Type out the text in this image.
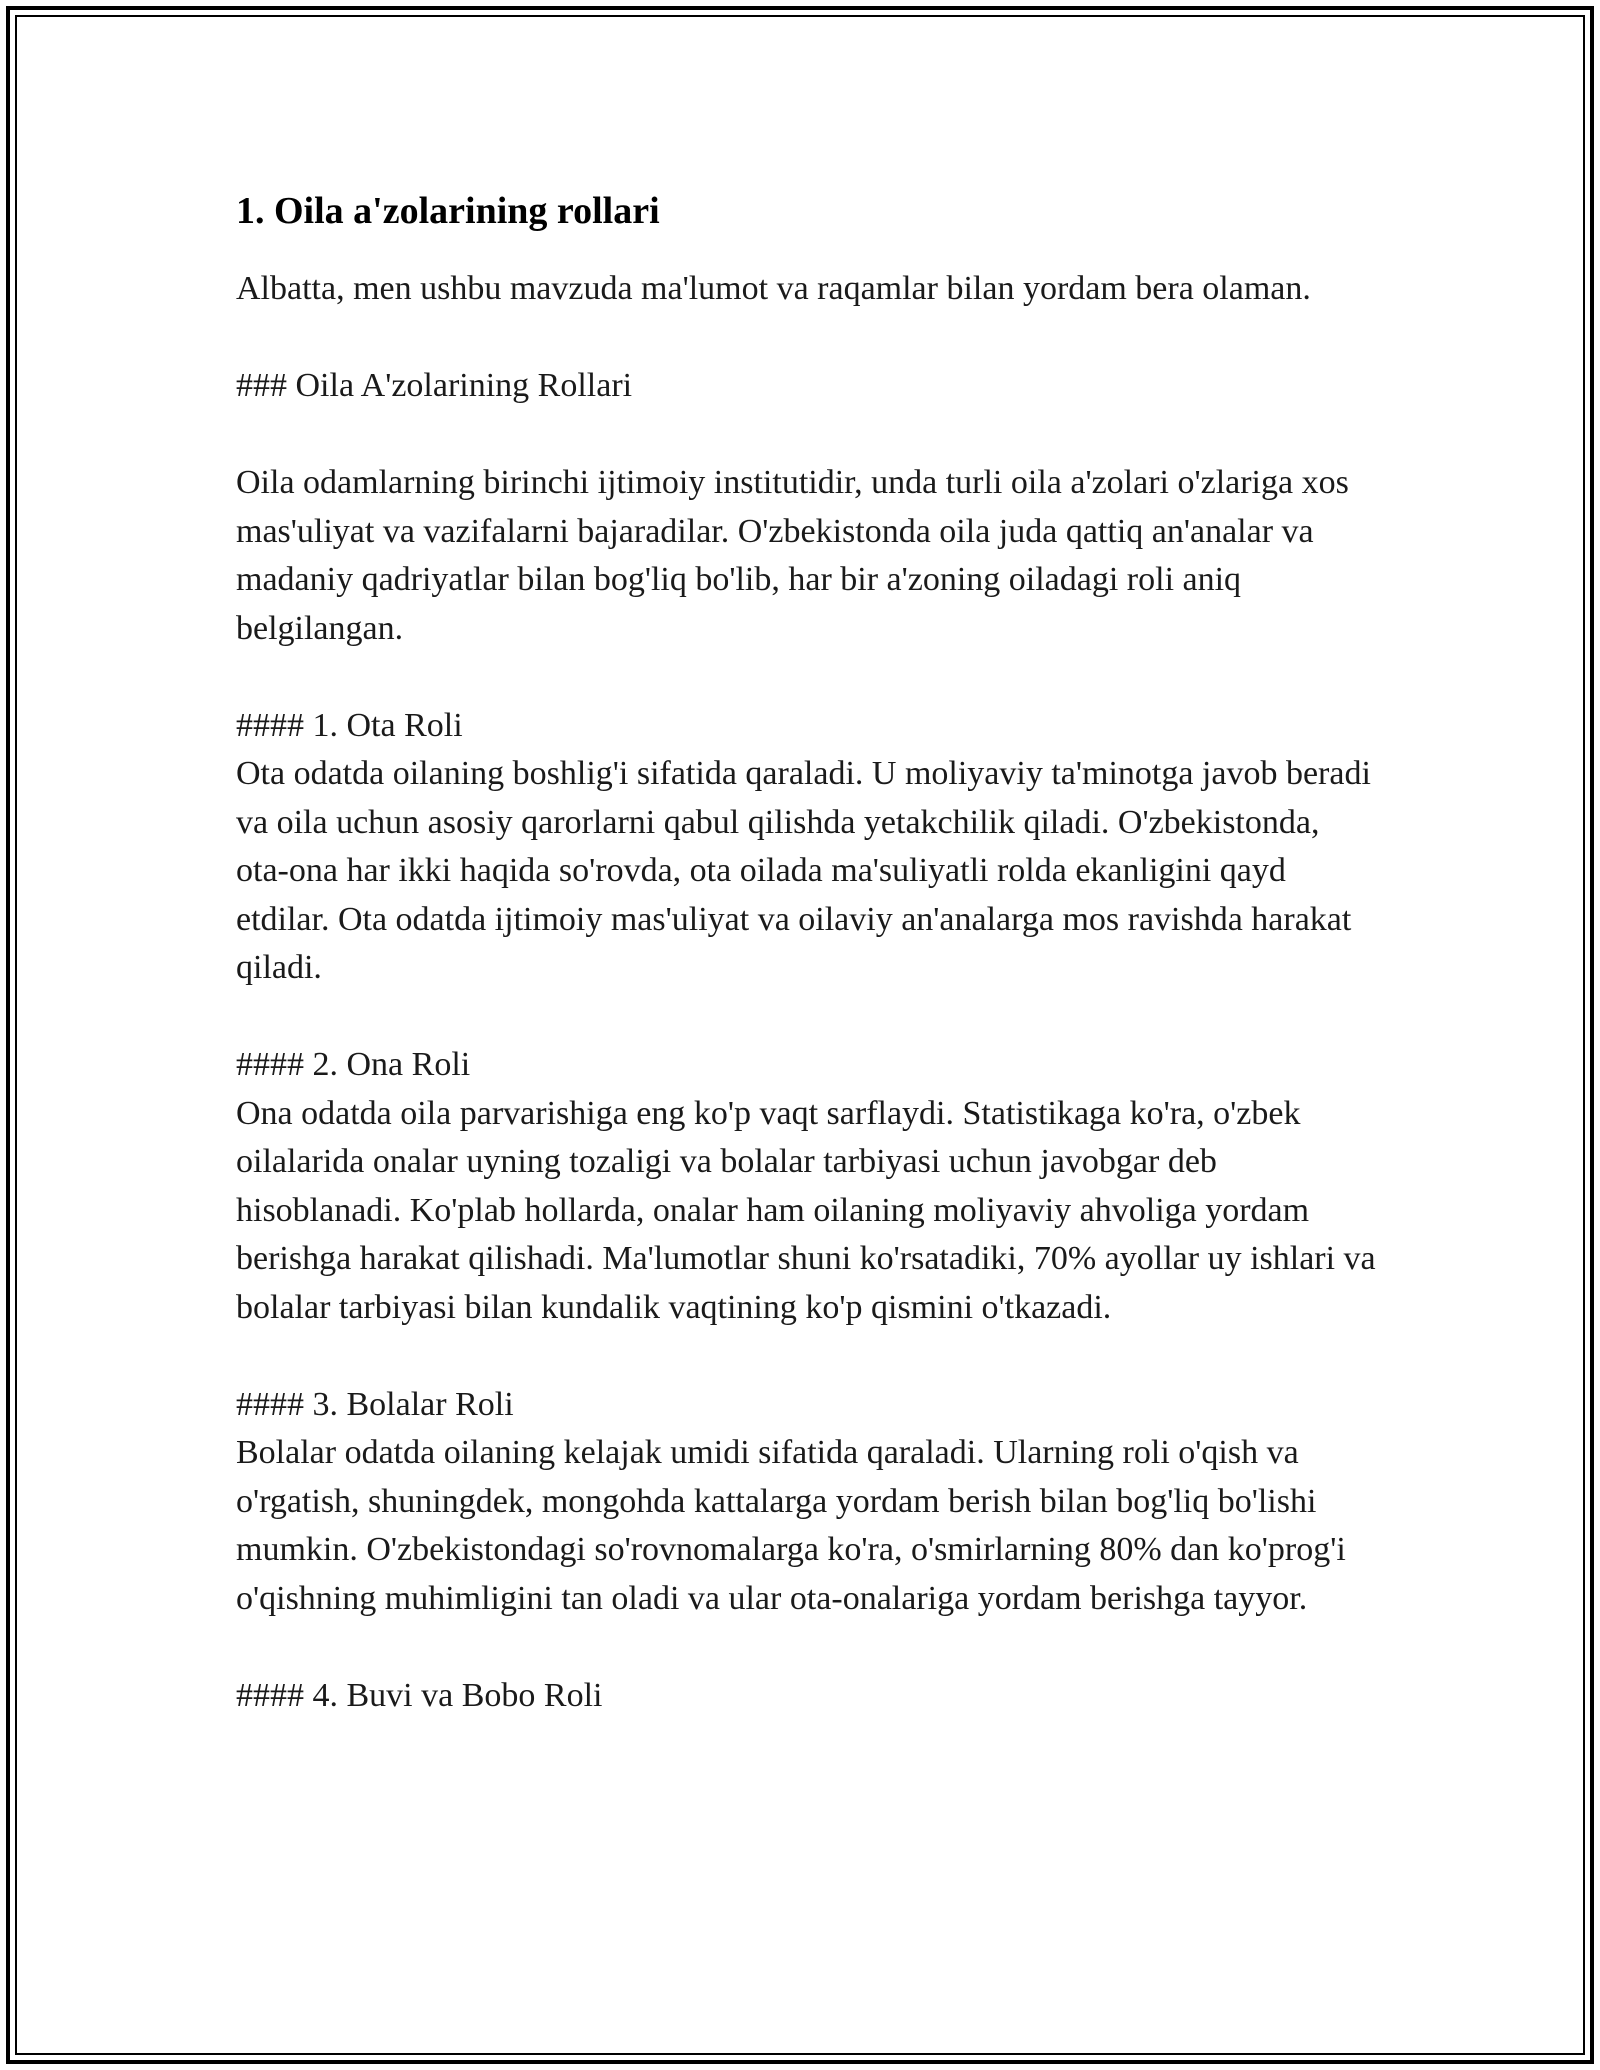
1. Oila a'zolarining rollari

Albatta, men ushbu mavzuda ma'lumot va raqamlar bilan yordam bera olaman.

### Oila A'zolarining Rollari

Oila odamlarning birinchi ijtimoiy institutidir, unda turli oila a'zolari o'zlariga xos mas'uliyat va vazifalarni bajaradilar. O'zbekistonda oila juda qattiq an'analar va madaniy qadriyatlar bilan bog'liq bo'lib, har bir a'zoning oiladagi roli aniq belgilangan.

#### 1. Ota Roli

Ota odatda oilaning boshlig'i sifatida qaraladi. U moliyaviy ta'minotga javob beradi va oila uchun asosiy qarorlarni qabul qilishda yetakchilik qiladi. O'zbekistonda, ota-ona har ikki haqida so'rovda, ota oilada ma'suliyatli rolda ekanligini qayd etdilar. Ota odatda ijtimoiy mas'uliyat va oilaviy an'analarga mos ravishda harakat qiladi.

#### 2. Ona Roli

Ona odatda oila parvarishiga eng ko'p vaqt sarflaydi. Statistikaga ko'ra, o'zbek oilalarida onalar uyning tozaligi va bolalar tarbiyasi uchun javobgar deb hisoblanadi. Ko'plab hollarda, onalar ham oilaning moliyaviy ahvoliga yordam berishga harakat qilishadi. Ma'lumotlar shuni ko'rsatadiki, 70% ayollar uy ishlari va bolalar tarbiyasi bilan kundalik vaqtining ko'p qismini o'tkazadi.

#### 3. Bolalar Roli

Bolalar odatda oilaning kelajak umidi sifatida qaraladi. Ularning roli o'qish va o'rgatish, shuningdek, mongohda kattalarga yordam berish bilan bog'liq bo'lishi mumkin. O'zbekistondagi so'rovnomalarga ko'ra, o'smirlarning 80% dan ko'prog'i o'qishning muhimligini tan oladi va ular ota-onalariga yordam berishga tayyor.

#### 4. Buvi va Bobo Roli
